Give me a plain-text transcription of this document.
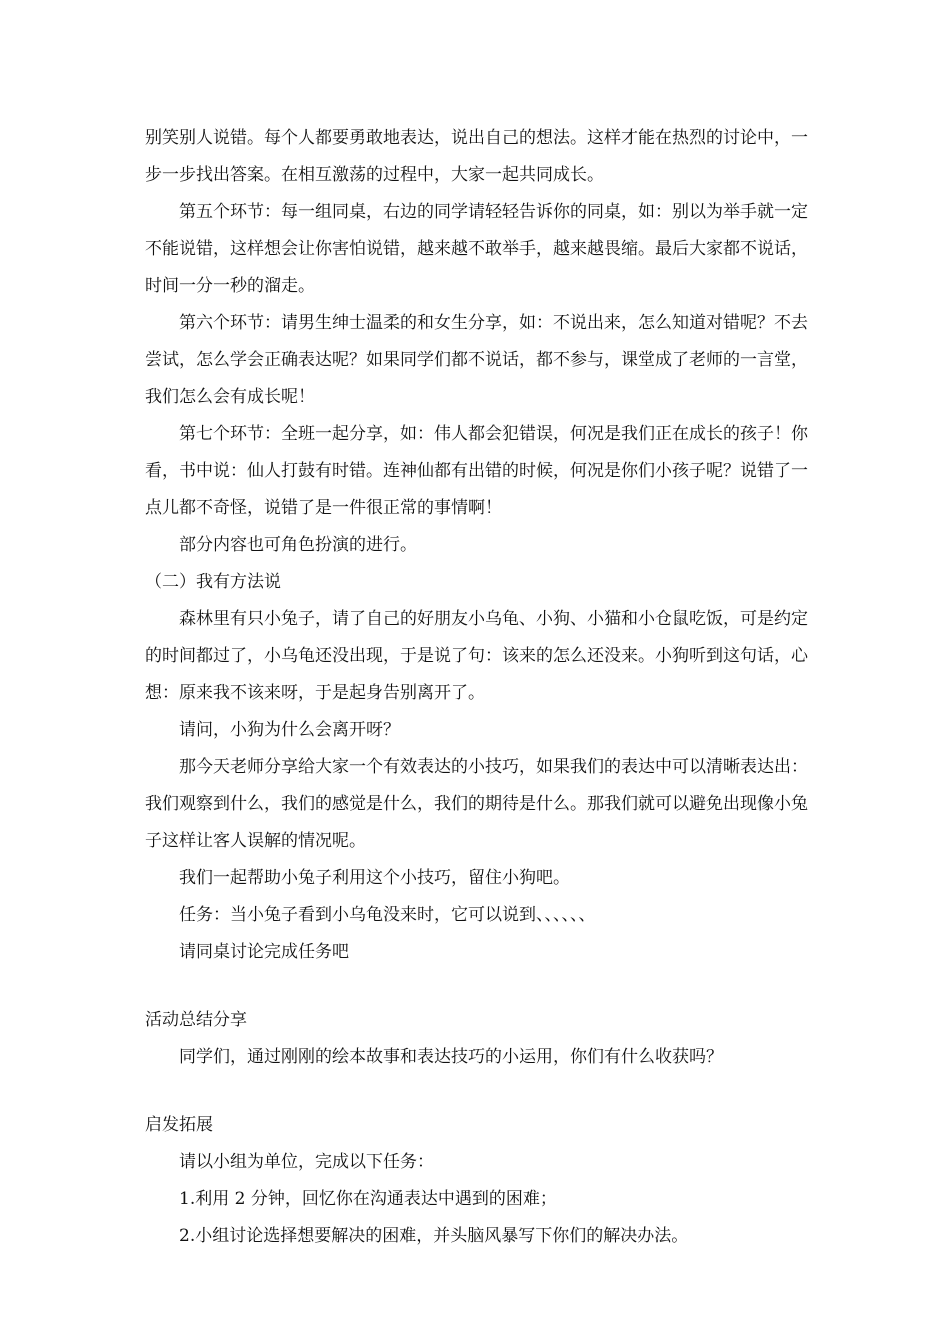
别笑别人说错。每个人都要勇敢地表达，说出自己的想法。这样才能在热烈的讨论中，一
步一步找出答案。在相互激荡的过程中，大家一起共同成长。
第五个环节：每一组同桌，右边的同学请轻轻告诉你的同桌，如：别以为举手就一定
不能说错，这样想会让你害怕说错，越来越不敢举手，越来越畏缩。最后大家都不说话，
时间一分一秒的溜走。
第六个环节：请男生绅士温柔的和女生分享，如：不说出来，怎么知道对错呢？不去
尝试，怎么学会正确表达呢？如果同学们都不说话，都不参与，课堂成了老师的一言堂，
我们怎么会有成长呢！
第七个环节：全班一起分享，如：伟人都会犯错误，何况是我们正在成长的孩子！你
看，书中说：仙人打鼓有时错。连神仙都有出错的时候，何况是你们小孩子呢？说错了一
点儿都不奇怪，说错了是一件很正常的事情啊！
部分内容也可角色扮演的进行。
（二）我有方法说
森林里有只小兔子，请了自己的好朋友小乌龟、小狗、小猫和小仓鼠吃饭，可是约定
的时间都过了，小乌龟还没出现，于是说了句：该来的怎么还没来。小狗听到这句话，心
想：原来我不该来呀，于是起身告别离开了。
请问，小狗为什么会离开呀？
那今天老师分享给大家一个有效表达的小技巧，如果我们的表达中可以清晰表达出：
我们观察到什么，我们的感觉是什么，我们的期待是什么。那我们就可以避免出现像小兔
子这样让客人误解的情况呢。
我们一起帮助小兔子利用这个小技巧，留住小狗吧。
任务：当小兔子看到小乌龟没来时，它可以说到、、、、、、
请同桌讨论完成任务吧
活动总结分享
同学们，通过刚刚的绘本故事和表达技巧的小运用，你们有什么收获吗？
启发拓展
请以小组为单位，完成以下任务：
1.利用 2 分钟，回忆你在沟通表达中遇到的困难；
2.小组讨论选择想要解决的困难，并头脑风暴写下你们的解决办法。
